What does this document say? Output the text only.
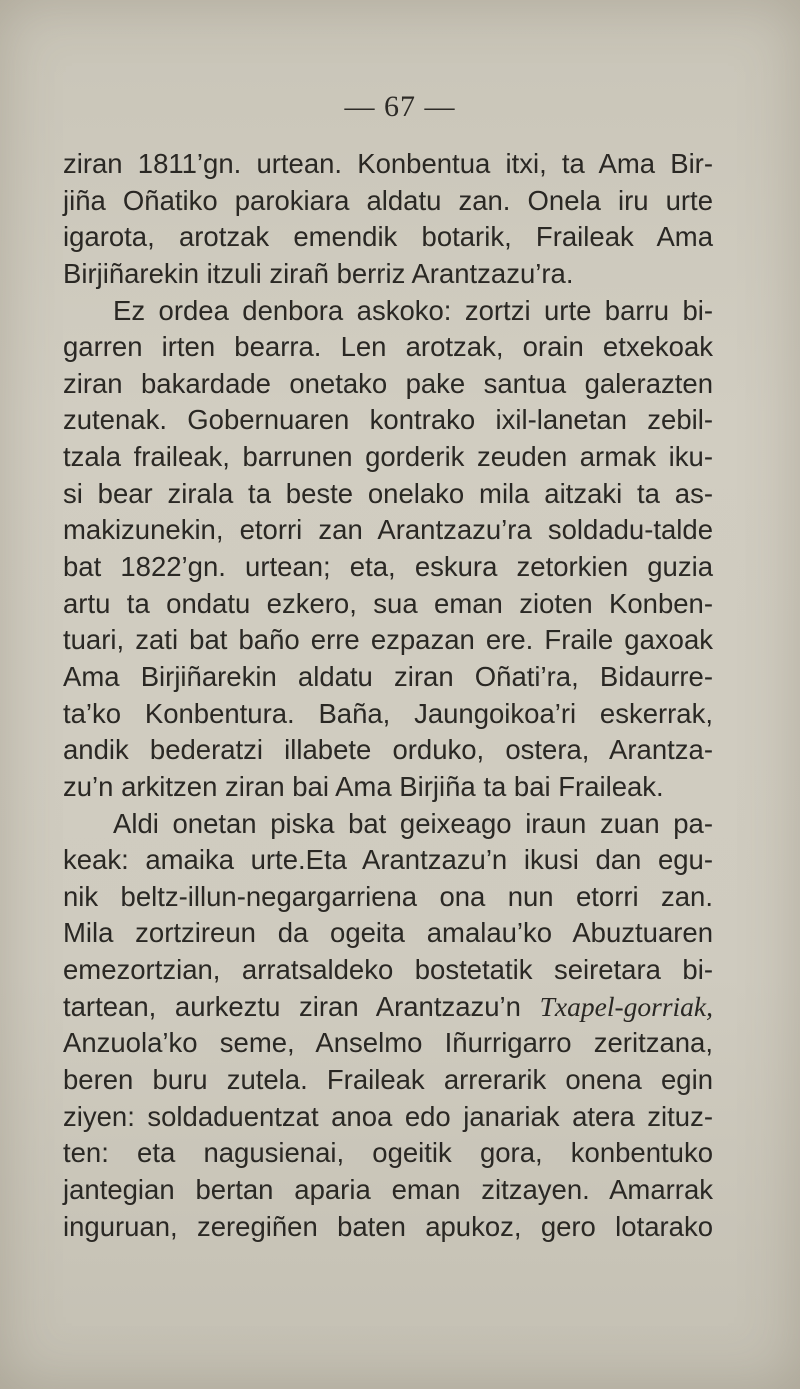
— 67 —
ziran 1811’gn. urtean. Konbentua itxi, ta Ama Bir-
jiña Oñatiko parokiara aldatu zan. Onela iru urte
igarota, arotzak emendik botarik, Fraileak Ama
Birjiñarekin itzuli zirañ berriz Arantzazu’ra.
Ez ordea denbora askoko: zortzi urte barru bi-
garren irten bearra. Len arotzak, orain etxekoak
ziran bakardade onetako pake santua galerazten
zutenak. Gobernuaren kontrako ixil-lanetan zebil-
tzala fraileak, barrunen gorderik zeuden armak iku-
si bear zirala ta beste onelako mila aitzaki ta as-
makizunekin, etorri zan Arantzazu’ra soldadu-talde
bat 1822’gn. urtean; eta, eskura zetorkien guzia
artu ta ondatu ezkero, sua eman zioten Konben-
tuari, zati bat baño erre ezpazan ere. Fraile gaxoak
Ama Birjiñarekin aldatu ziran Oñati’ra, Bidaurre-
ta’ko Konbentura. Baña, Jaungoikoa’ri eskerrak,
andik bederatzi illabete orduko, ostera, Arantza-
zu’n arkitzen ziran bai Ama Birjiña ta bai Fraileak.
Aldi onetan piska bat geixeago iraun zuan pa-
keak: amaika urte.Eta Arantzazu’n ikusi dan egu-
nik beltz-illun-negargarriena ona nun etorri zan.
Mila zortzireun da ogeita amalau’ko Abuztuaren
emezortzian, arratsaldeko bostetatik seiretara bi-
tartean, aurkeztu ziran Arantzazu’n Txapel-gorriak,
Anzuola’ko seme, Anselmo Iñurrigarro zeritzana,
beren buru zutela. Fraileak arrerarik onena egin
ziyen: soldaduentzat anoa edo janariak atera zituz-
ten: eta nagusienai, ogeitik gora, konbentuko
jantegian bertan aparia eman zitzayen. Amarrak
inguruan, zeregiñen baten apukoz, gero lotarako
